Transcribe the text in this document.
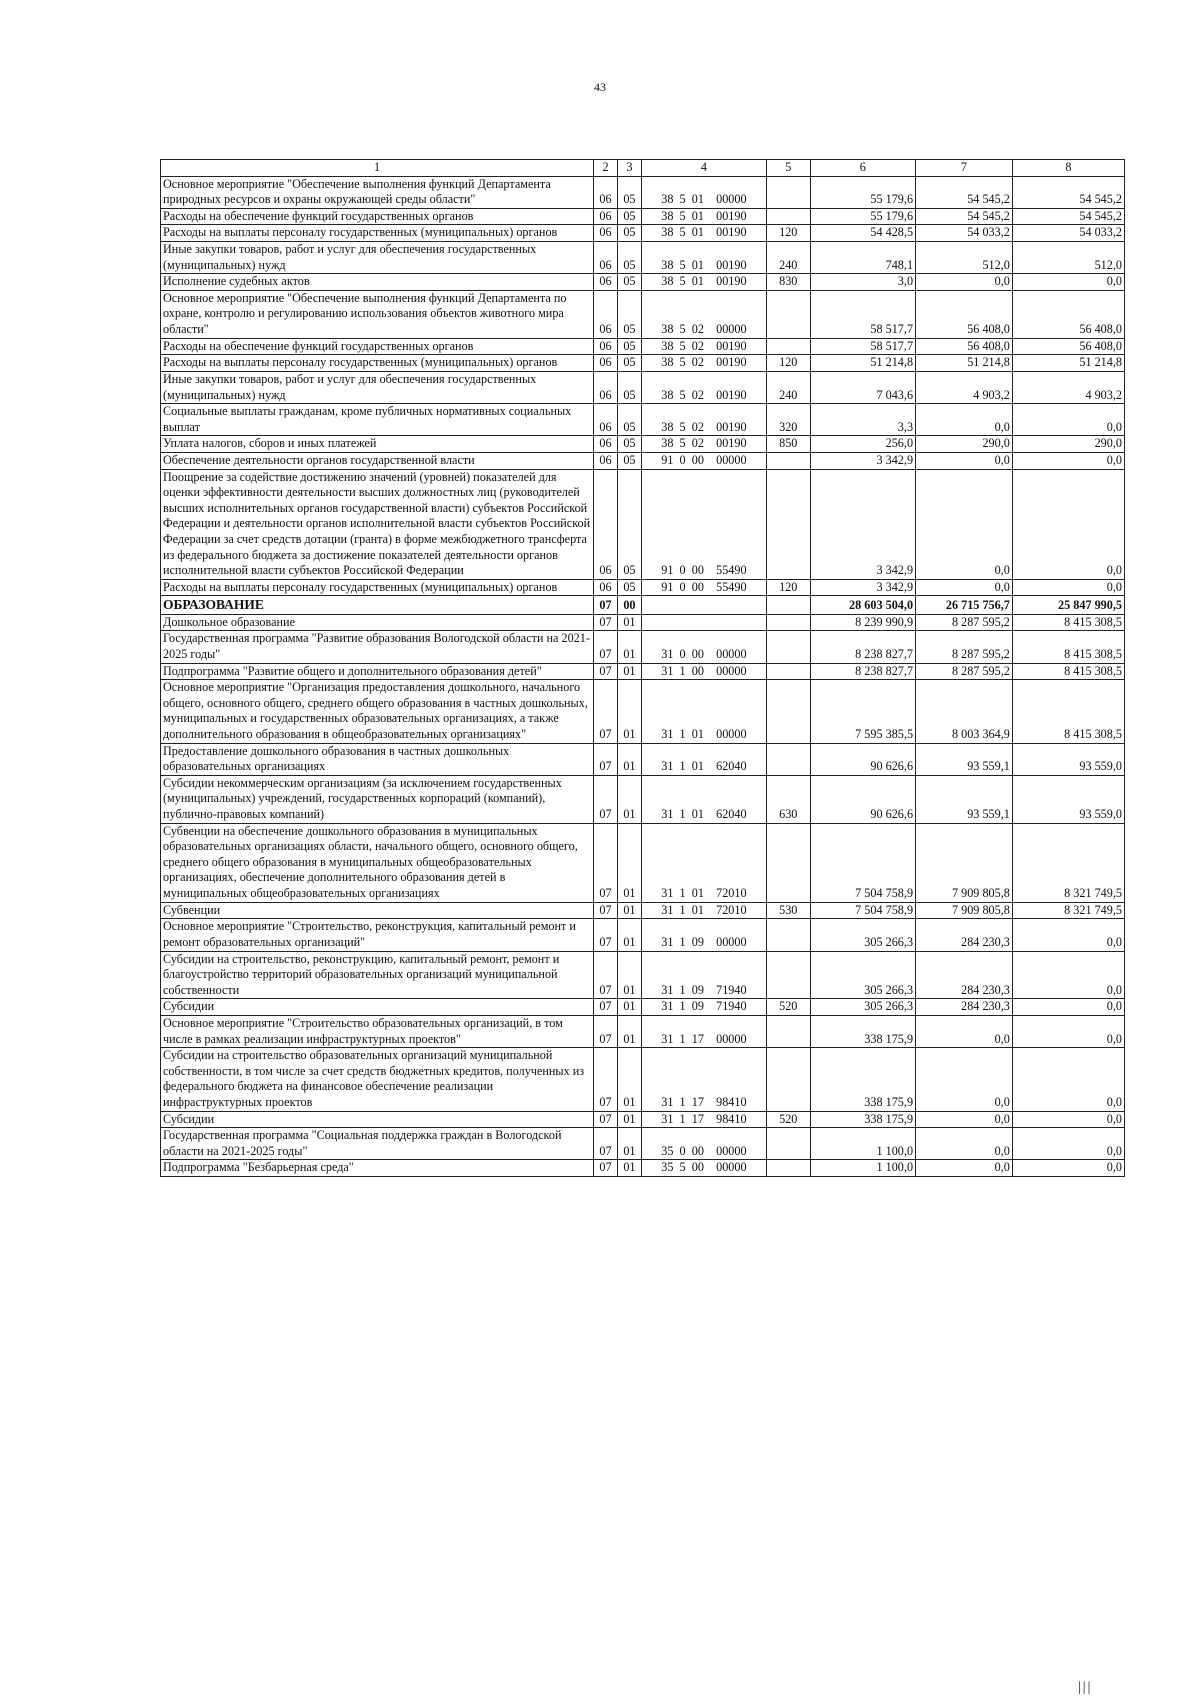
43
1	2	3	4	5	6	7	8
Основное мероприятие "Обеспечение выполнения функций Департамента природных ресурсов и охраны окружающей среды области"	06	05	38  5  01    00000		55 179,6	54 545,2	54 545,2
Расходы на обеспечение функций государственных органов	06	05	38  5  01    00190		55 179,6	54 545,2	54 545,2
Расходы на выплаты персоналу государственных (муниципальных) органов	06	05	38  5  01    00190	120	54 428,5	54 033,2	54 033,2
Иные закупки товаров, работ и услуг для обеспечения государственных (муниципальных) нужд	06	05	38  5  01    00190	240	748,1	512,0	512,0
Исполнение судебных актов	06	05	38  5  01    00190	830	3,0	0,0	0,0
Основное мероприятие "Обеспечение выполнения функций Департамента по охране, контролю и регулированию использования объектов животного мира области"	06	05	38  5  02    00000		58 517,7	56 408,0	56 408,0
Расходы на обеспечение функций государственных органов	06	05	38  5  02    00190		58 517,7	56 408,0	56 408,0
Расходы на выплаты персоналу государственных (муниципальных) органов	06	05	38  5  02    00190	120	51 214,8	51 214,8	51 214,8
Иные закупки товаров, работ и услуг для обеспечения государственных (муниципальных) нужд	06	05	38  5  02    00190	240	7 043,6	4 903,2	4 903,2
Социальные выплаты гражданам, кроме публичных нормативных социальных выплат	06	05	38  5  02    00190	320	3,3	0,0	0,0
Уплата налогов, сборов и иных платежей	06	05	38  5  02    00190	850	256,0	290,0	290,0
Обеспечение деятельности органов государственной власти	06	05	91  0  00    00000		3 342,9	0,0	0,0
Поощрение за содействие достижению значений (уровней) показателей для оценки эффективности деятельности высших должностных лиц (руководителей высших исполнительных органов государственной власти) субъектов Российской Федерации и деятельности органов исполнительной власти субъектов Российской Федерации за счет средств дотации (гранта) в форме межбюджетного трансферта из федерального бюджета за достижение показателей деятельности органов исполнительной власти субъектов Российской Федерации	06	05	91  0  00    55490		3 342,9	0,0	0,0
Расходы на выплаты персоналу государственных (муниципальных) органов	06	05	91  0  00    55490	120	3 342,9	0,0	0,0
ОБРАЗОВАНИЕ	07	00			28 603 504,0	26 715 756,7	25 847 990,5
Дошкольное образование	07	01			8 239 990,9	8 287 595,2	8 415 308,5
Государственная программа "Развитие образования Вологодской области на 2021-2025 годы"	07	01	31  0  00    00000		8 238 827,7	8 287 595,2	8 415 308,5
Подпрограмма "Развитие общего и дополнительного образования детей"	07	01	31  1  00    00000		8 238 827,7	8 287 595,2	8 415 308,5
Основное мероприятие "Организация предоставления дошкольного, начального общего, основного общего, среднего общего образования в частных дошкольных, муниципальных и государственных образовательных организациях, а также дополнительного образования в общеобразовательных организациях"	07	01	31  1  01    00000		7 595 385,5	8 003 364,9	8 415 308,5
Предоставление дошкольного образования в частных дошкольных образовательных организациях	07	01	31  1  01    62040		90 626,6	93 559,1	93 559,0
Субсидии некоммерческим организациям (за исключением государственных (муниципальных) учреждений, государственных корпораций (компаний), публично-правовых компаний)	07	01	31  1  01    62040	630	90 626,6	93 559,1	93 559,0
Субвенции на обеспечение дошкольного образования в муниципальных образовательных организациях области, начального общего, основного общего, среднего общего образования в муниципальных общеобразовательных организациях, обеспечение дополнительного образования детей в муниципальных общеобразовательных организациях	07	01	31  1  01    72010		7 504 758,9	7 909 805,8	8 321 749,5
Субвенции	07	01	31  1  01    72010	530	7 504 758,9	7 909 805,8	8 321 749,5
Основное мероприятие "Строительство, реконструкция, капитальный ремонт и ремонт образовательных организаций"	07	01	31  1  09    00000		305 266,3	284 230,3	0,0
Субсидии на строительство, реконструкцию, капитальный ремонт, ремонт и благоустройство территорий образовательных организаций муниципальной собственности	07	01	31  1  09    71940		305 266,3	284 230,3	0,0
Субсидии	07	01	31  1  09    71940	520	305 266,3	284 230,3	0,0
Основное мероприятие "Строительство образовательных организаций, в том числе в рамках реализации инфраструктурных проектов"	07	01	31  1  17    00000		338 175,9	0,0	0,0
Субсидии на строительство образовательных организаций муниципальной собственности, в том числе за счет средств бюджетных кредитов, полученных из федерального бюджета на финансовое обеспечение реализации инфраструктурных проектов	07	01	31  1  17    98410		338 175,9	0,0	0,0
Субсидии	07	01	31  1  17    98410	520	338 175,9	0,0	0,0
Государственная программа "Социальная поддержка граждан в Вологодской области на 2021-2025 годы"	07	01	35  0  00    00000		1 100,0	0,0	0,0
Подпрограмма "Безбарьерная среда"	07	01	35  5  00    00000		1 100,0	0,0	0,0
|||
